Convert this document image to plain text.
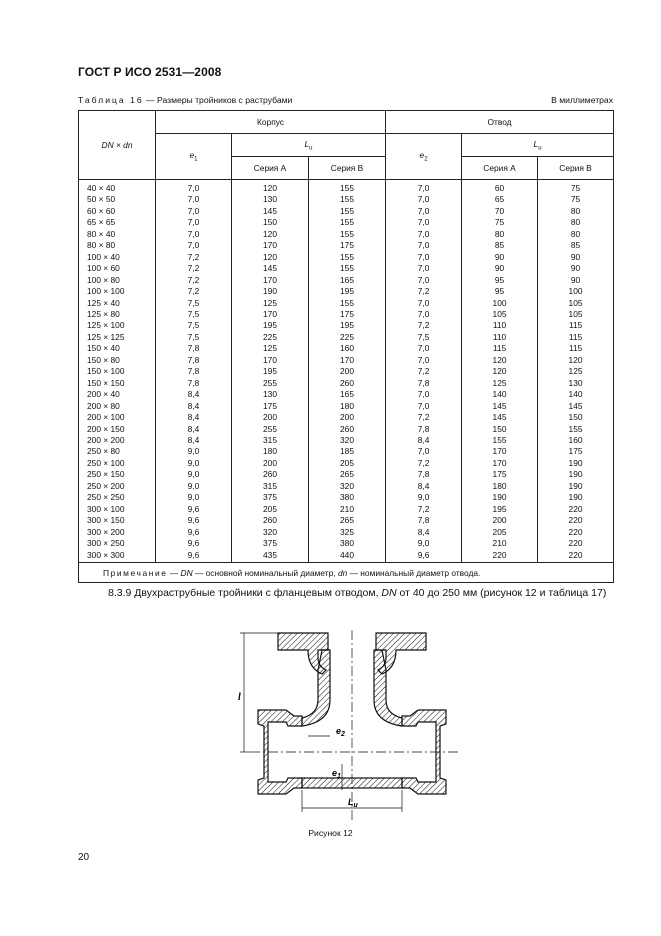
ГОСТ Р ИСО 2531—2008
Таблица 16 — Размеры тройников с раструбами	В миллиметрах
DN × dn	Корпус			Отвод		
	$e_1$	$L_u$		$e_2$	$L_u$
		Серия А	Серия В		Серия А	Серия В
40 × 40	7,0	120	155	7,0	60	75
50 × 50	7,0	130	155	7,0	65	75
60 × 60	7,0	145	155	7,0	70	80
65 × 65	7,0	150	155	7,0	75	80
80 × 40	7,0	120	155	7,0	80	80
80 × 80	7,0	170	175	7,0	85	85
100 × 40	7,2	120	155	7,0	90	90
100 × 60	7,2	145	155	7,0	90	90
100 × 80	7,2	170	165	7,0	95	90
100 × 100	7,2	190	195	7,2	95	100
125 × 40	7,5	125	155	7,0	100	105
125 × 80	7,5	170	175	7,0	105	105
125 × 100	7,5	195	195	7,2	110	115
125 × 125	7,5	225	225	7,5	110	115
150 × 40	7,8	125	160	7,0	115	115
150 × 80	7,8	170	170	7,0	120	120
150 × 100	7,8	195	200	7,2	120	125
150 × 150	7,8	255	260	7,8	125	130
200 × 40	8,4	130	165	7,0	140	140
200 × 80	8,4	175	180	7,0	145	145
200 × 100	8,4	200	200	7,2	145	150
200 × 150	8,4	255	260	7,8	150	155
200 × 200	8,4	315	320	8,4	155	160
250 × 80	9,0	180	185	7,0	170	175
250 × 100	9,0	200	205	7,2	170	190
250 × 150	9,0	260	265	7,8	175	190
250 × 200	9,0	315	320	8,4	180	190
250 × 250	9,0	375	380	9,0	190	190
300 × 100	9,6	205	210	7,2	195	220
300 × 150	9,6	260	265	7,8	200	220
300 × 200	9,6	320	325	8,4	205	220
300 × 250	9,6	375	380	9,0	210	220
300 × 300	9,6	435	440	9,6	220	220
Примечание — DN — основной номинальный диаметр, dn — номинальный диаметр отвода.						
8.3.9 Двухраструбные тройники с фланцевым отводом, DN от 40 до 250 мм (рисунок 12 и таблица 17)
l
$e_2$
$e_1$
$L_u$
Рисунок 12
20
